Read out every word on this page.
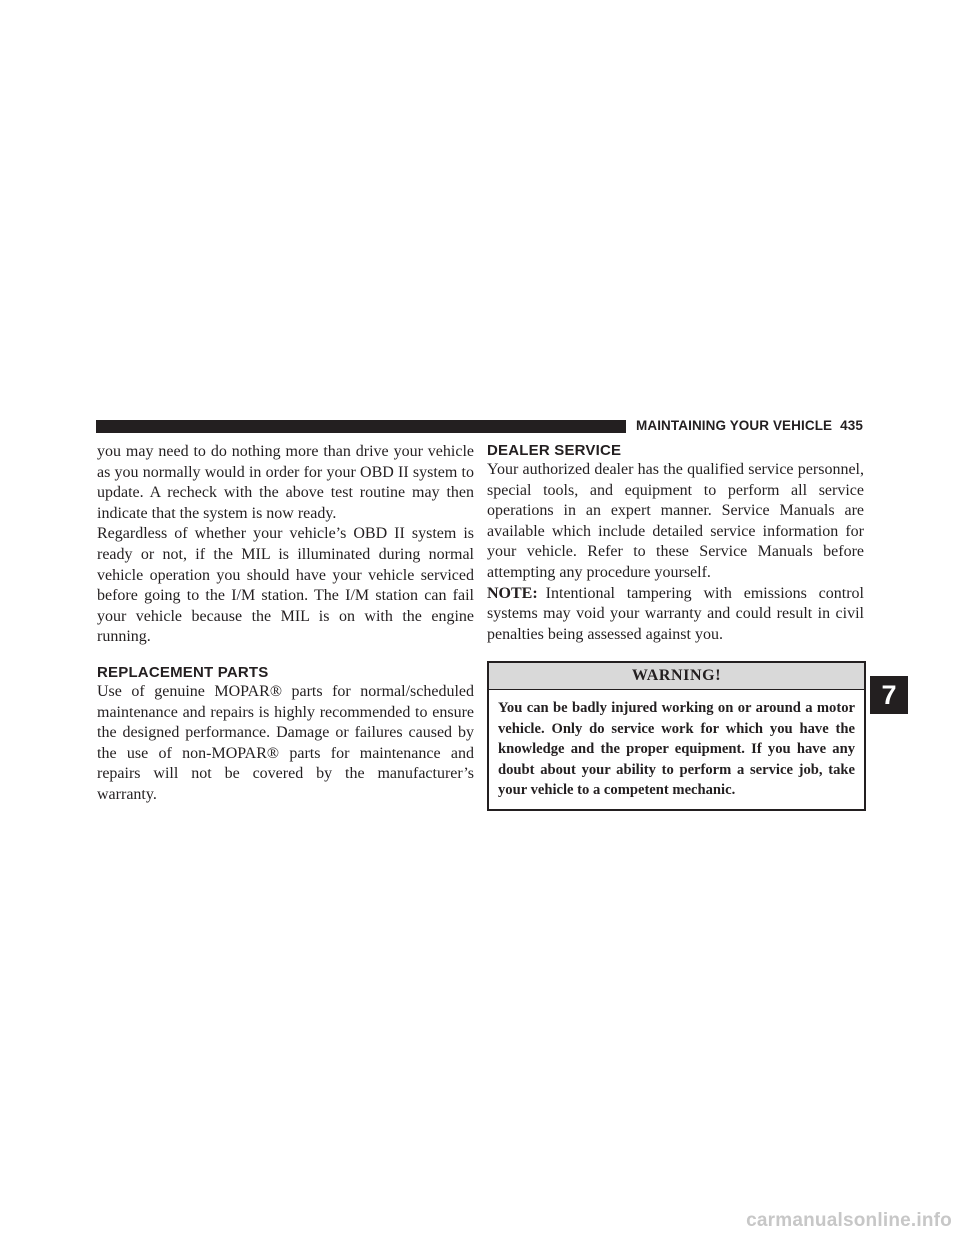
MAINTAINING YOUR VEHICLE 435

you may need to do nothing more than drive your vehicle as you normally would in order for your OBD II system to update. A recheck with the above test routine may then indicate that the system is now ready.

Regardless of whether your vehicle’s OBD II system is ready or not, if the MIL is illuminated during normal vehicle operation you should have your vehicle serviced before going to the I/M station. The I/M station can fail your vehicle because the MIL is on with the engine running.

REPLACEMENT PARTS

Use of genuine MOPAR® parts for normal/scheduled maintenance and repairs is highly recommended to ensure the designed performance. Damage or failures caused by the use of non-MOPAR® parts for maintenance and repairs will not be covered by the manufacturer’s warranty.

DEALER SERVICE

Your authorized dealer has the qualified service personnel, special tools, and equipment to perform all service operations in an expert manner. Service Manuals are available which include detailed service information for your vehicle. Refer to these Service Manuals before attempting any procedure yourself.

NOTE: Intentional tampering with emissions control systems may void your warranty and could result in civil penalties being assessed against you.

WARNING!
You can be badly injured working on or around a motor vehicle. Only do service work for which you have the knowledge and the proper equipment. If you have any doubt about your ability to perform a service job, take your vehicle to a competent mechanic.
7
carmanualsonline.info
